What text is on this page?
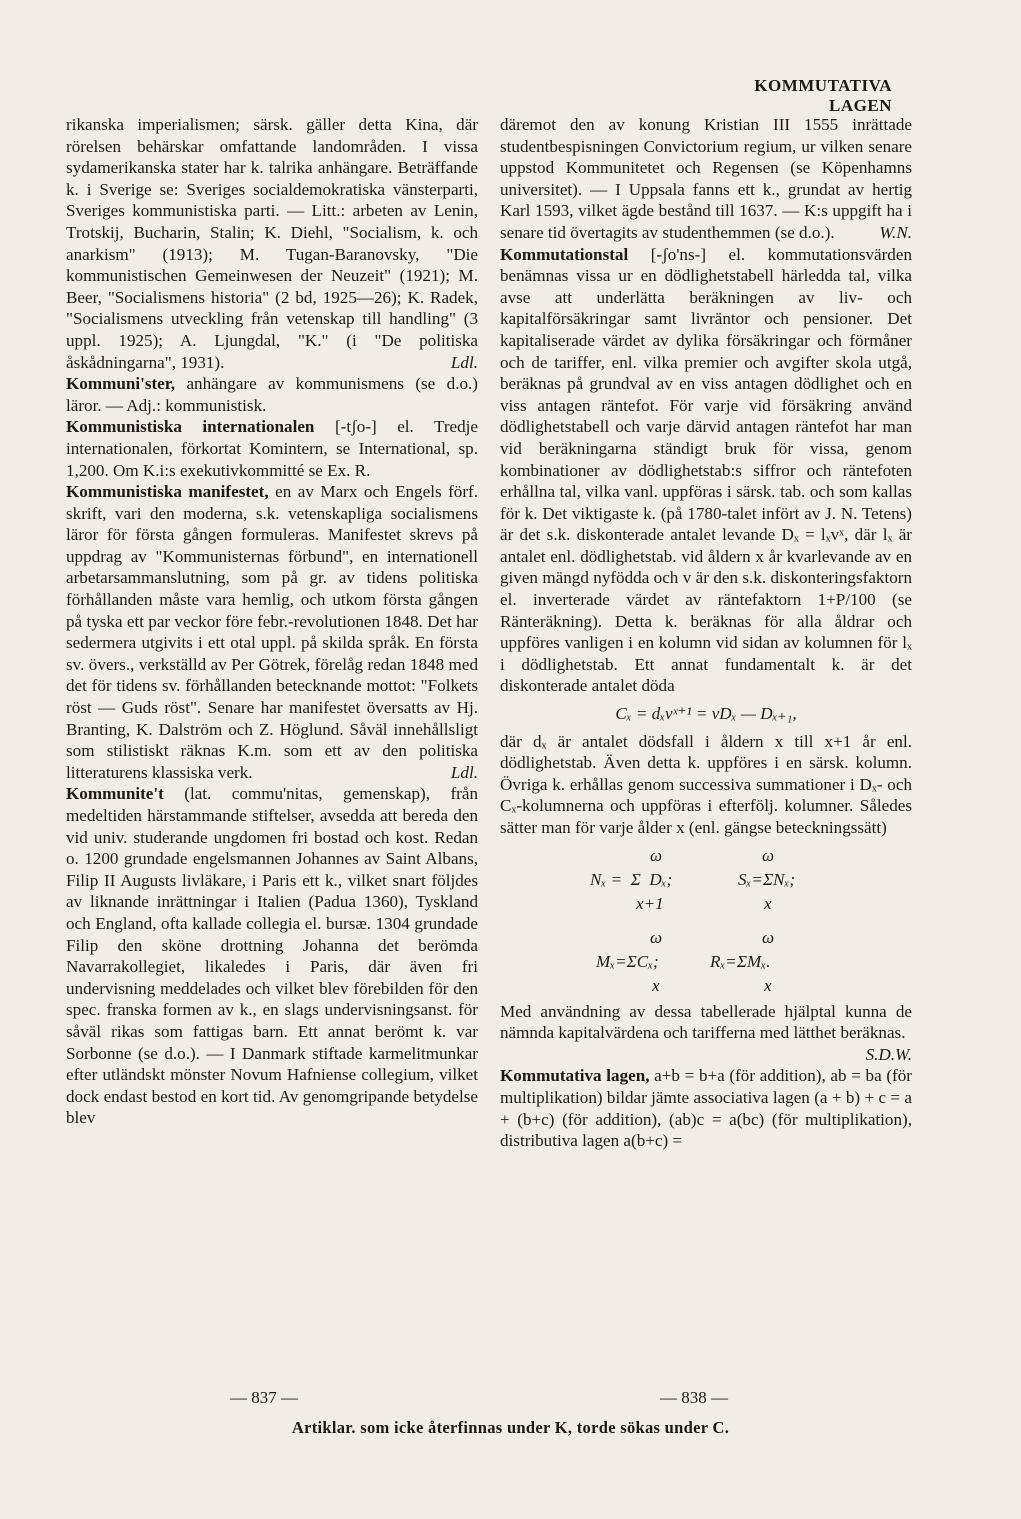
KOMMUTATIVA LAGEN

rikanska imperialismen; särsk. gäller detta Kina, där rörelsen behärskar omfattande landområden. I vissa sydamerikanska stater har k. talrika anhängare. Beträffande k. i Sverige se: Sveriges socialdemokratiska vänsterparti, Sveriges kommunistiska parti. — Litt.: arbeten av Lenin, Trotskij, Bucharin, Stalin; K. Diehl, "Socialism, k. och anarkism" (1913); M. Tugan-Baranovsky, "Die kommunistischen Gemeinwesen der Neuzeit" (1921); M. Beer, "Socialismens historia" (2 bd, 1925—26); K. Radek, "Socialismens utveckling från vetenskap till handling" (3 uppl. 1925); A. Ljungdal, "K." (i "De politiska åskådningarna", 1931).	Ldl.

Kommuni'ster, anhängare av kommunismens (se d.o.) läror. — Adj.: kommunistisk.

Kommunistiska internationalen [-tʃo-] el. Tredje internationalen, förkortat Komintern, se International, sp. 1,200. Om K.i:s exekutivkommitté se Ex. R.

Kommunistiska manifestet, en av Marx och Engels förf. skrift, vari den moderna, s.k. vetenskapliga socialismens läror för första gången formuleras. Manifestet skrevs på uppdrag av "Kommunisternas förbund", en internationell arbetarsammanslutning, som på gr. av tidens politiska förhållanden måste vara hemlig, och utkom första gången på tyska ett par veckor före febr.-revolutionen 1848. Det har sedermera utgivits i ett otal uppl. på skilda språk. En första sv. övers., verkställd av Per Götrek, förelåg redan 1848 med det för tidens sv. förhållanden betecknande mottot: "Folkets röst — Guds röst". Senare har manifestet översatts av Hj. Branting, K. Dalström och Z. Höglund. Såväl innehållsligt som stilistiskt räknas K.m. som ett av den politiska litteraturens klassiska verk.	Ldl.

Kommunite't (lat. commu'nitas, gemenskap), från medeltiden härstammande stiftelser, avsedda att bereda den vid univ. studerande ungdomen fri bostad och kost. Redan o. 1200 grundade engelsmannen Johannes av Saint Albans, Filip II Augusts livläkare, i Paris ett k., vilket snart följdes av liknande inrättningar i Italien (Padua 1360), Tyskland och England, ofta kallade collegia el. bursæ. 1304 grundade Filip den sköne drottning Johanna det berömda Navarrakollegiet, likaledes i Paris, där även fri undervisning meddelades och vilket blev förebilden för den spec. franska formen av k., en slags undervisningsanst. för såväl rikas som fattigas barn. Ett annat berömt k. var Sorbonne (se d.o.). — I Danmark stiftade karmelitmunkar efter utländskt mönster Novum Hafniense collegium, vilket dock endast bestod en kort tid. Av genomgripande betydelse blev

däremot den av konung Kristian III 1555 inrättade studentbespisningen Convictorium regium, ur vilken senare uppstod Kommunitetet och Regensen (se Köpenhamns universitet). — I Uppsala fanns ett k., grundat av hertig Karl 1593, vilket ägde bestånd till 1637. — K:s uppgift ha i senare tid övertagits av studenthemmen (se d.o.).	W.N.

Kommutationstal [-ʃo'ns-] el. kommutationsvärden benämnas vissa ur en dödlighetstabell härledda tal, vilka avse att underlätta beräkningen av liv- och kapitalförsäkringar samt livräntor och pensioner. Det kapitaliserade värdet av dylika försäkringar och förmåner och de tariffer, enl. vilka premier och avgifter skola utgå, beräknas på grundval av en viss antagen dödlighet och en viss antagen räntefot. För varje vid försäkring använd dödlighetstabell och varje därvid antagen räntefot har man vid beräkningarna ständigt bruk för vissa, genom kombinationer av dödlighetstab:s siffror och räntefoten erhållna tal, vilka vanl. uppföras i särsk. tab. och som kallas för k. Det viktigaste k. (på 1780-talet infört av J. N. Tetens) är det s.k. diskonterade antalet levande Dₓ = lₓvˣ, där lₓ är antalet enl. dödlighetstab. vid åldern x år kvarlevande av en given mängd nyfödda och v är den s.k. diskonteringsfaktorn el. inverterade värdet av räntefaktorn 1+P/100 (se Ränteräkning). Detta k. beräknas för alla åldrar och uppföres vanligen i en kolumn vid sidan av kolumnen för lₓ i dödlighetstab. Ett annat fundamentalt k. är det diskonterade antalet döda

Cₓ = dₓvˣ⁺¹ = vDₓ — Dₓ₊₁,

där dₓ är antalet dödsfall i åldern x till x+1 år enl. dödlighetstab. Även detta k. uppföres i en särsk. kolumn. Övriga k. erhållas genom successiva summationer i Dₓ- och Cₓ-kolumnerna och uppföras i efterfölj. kolumner. Således sätter man för varje ålder x (enl. gängse beteckningssätt)

ω	ω
Nₓ =  Σ  Dₓ;	Sₓ=ΣNₓ;
x+1	x
ω	ω
Mₓ=ΣCₓ;	Rₓ=ΣMₓ.
x	x

Med användning av dessa tabellerade hjälptal kunna de nämnda kapitalvärdena och tarifferna med lätthet beräknas.
S.D.W.

Kommutativa lagen, a+b = b+a (för addition), ab = ba (för multiplikation) bildar jämte associativa lagen (a + b) + c = a + (b+c) (för addition), (ab)c = a(bc) (för multiplikation), distributiva lagen a(b+c) =

— 837 —	— 838 —
Artiklar. som icke återfinnas under K, torde sökas under C.
